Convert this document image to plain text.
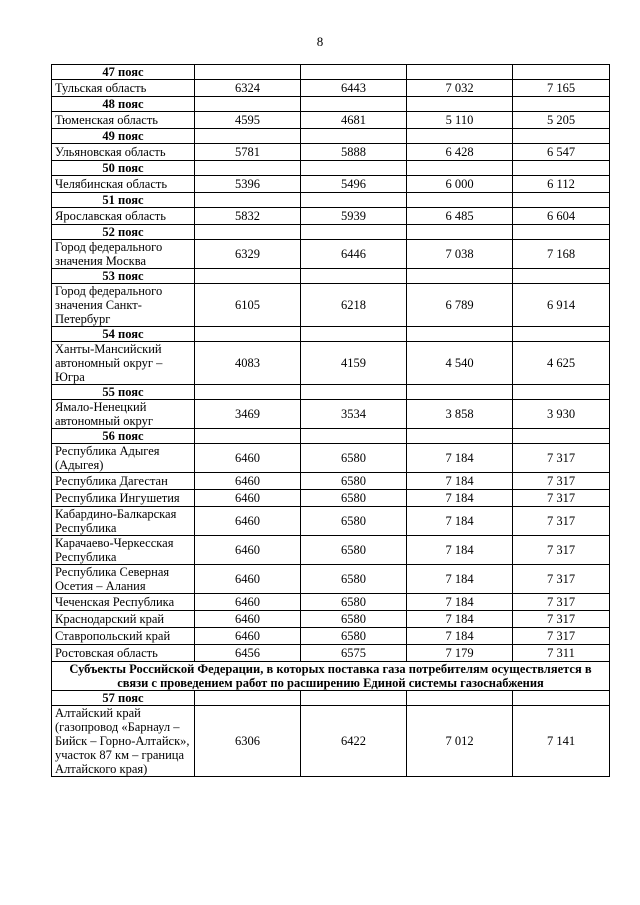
8
47 пояс				
Тульская область	6324	6443	7 032	7 165
48 пояс				
Тюменская область	4595	4681	5 110	5 205
49 пояс				
Ульяновская область	5781	5888	6 428	6 547
50 пояс				
Челябинская область	5396	5496	6 000	6 112
51 пояс				
Ярославская область	5832	5939	6 485	6 604
52 пояс				
Город федерального значения Москва	6329	6446	7 038	7 168
53 пояс				
Город федерального значения Санкт-Петербург	6105	6218	6 789	6 914
54 пояс				
Ханты-Мансийский автономный округ – Югра	4083	4159	4 540	4 625
55 пояс				
Ямало-Ненецкий автономный округ	3469	3534	3 858	3 930
56 пояс				
Республика Адыгея (Адыгея)	6460	6580	7 184	7 317
Республика Дагестан	6460	6580	7 184	7 317
Республика Ингушетия	6460	6580	7 184	7 317
Кабардино-Балкарская Республика	6460	6580	7 184	7 317
Карачаево-Черкесская Республика	6460	6580	7 184	7 317
Республика Северная Осетия – Алания	6460	6580	7 184	7 317
Чеченская Республика	6460	6580	7 184	7 317
Краснодарский край	6460	6580	7 184	7 317
Ставропольский край	6460	6580	7 184	7 317
Ростовская область	6456	6575	7 179	7 311
Субъекты Российской Федерации, в которых поставка газа потребителям осуществляется в связи с проведением работ по расширению Единой системы газоснабжения				
57 пояс				
Алтайский край (газопровод «Барнаул – Бийск – Горно-Алтайск», участок 87 км – граница Алтайского края)	6306	6422	7 012	7 141
